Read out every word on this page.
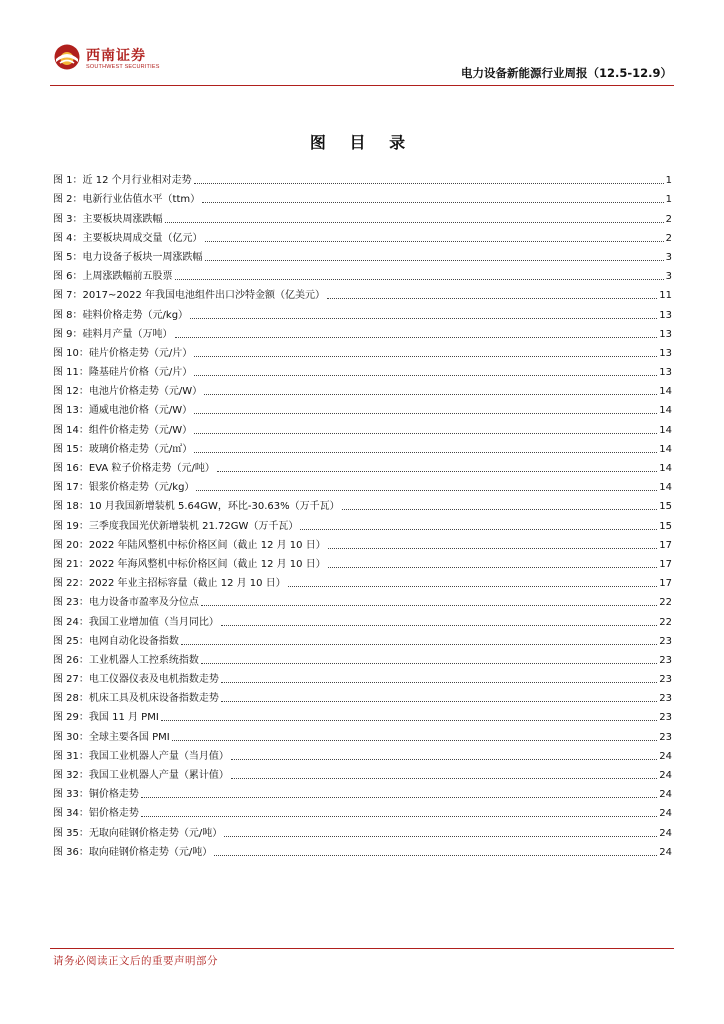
西南证券
SOUTHWEST SECURITIES	电力设备新能源行业周报（12.5-12.9）
图 目 录
图 1： 近 12 个月行业相对走势	1
图 2： 电新行业估值水平（ttm）	1
图 3： 主要板块周涨跌幅	2
图 4： 主要板块周成交量（亿元）	2
图 5： 电力设备子板块一周涨跌幅	3
图 6： 上周涨跌幅前五股票	3
图 7： 2017~2022 年我国电池组件出口沙特金额（亿美元）	11
图 8： 硅料价格走势（元/kg）	13
图 9： 硅料月产量（万吨）	13
图 10： 硅片价格走势（元/片）	13
图 11： 隆基硅片价格（元/片）	13
图 12： 电池片价格走势（元/W）	14
图 13： 通威电池价格（元/W）	14
图 14： 组件价格走势（元/W）	14
图 15： 玻璃价格走势（元/㎡）	14
图 16： EVA 粒子价格走势（元/吨）	14
图 17： 银浆价格走势（元/kg）	14
图 18： 10 月我国新增装机 5.64GW，环比-30.63%（万千瓦）	15
图 19： 三季度我国光伏新增装机 21.72GW（万千瓦）	15
图 20： 2022 年陆风整机中标价格区间（截止 12 月 10 日）	17
图 21： 2022 年海风整机中标价格区间（截止 12 月 10 日）	17
图 22： 2022 年业主招标容量（截止 12 月 10 日）	17
图 23： 电力设备市盈率及分位点	22
图 24： 我国工业增加值（当月同比）	22
图 25： 电网自动化设备指数	23
图 26： 工业机器人工控系统指数	23
图 27： 电工仪器仪表及电机指数走势	23
图 28： 机床工具及机床设备指数走势	23
图 29： 我国 11 月 PMI	23
图 30： 全球主要各国 PMI	23
图 31： 我国工业机器人产量（当月值）	24
图 32： 我国工业机器人产量（累计值）	24
图 33： 铜价格走势	24
图 34： 铝价格走势	24
图 35： 无取向硅钢价格走势（元/吨）	24
图 36： 取向硅钢价格走势（元/吨）	24
请务必阅读正文后的重要声明部分
